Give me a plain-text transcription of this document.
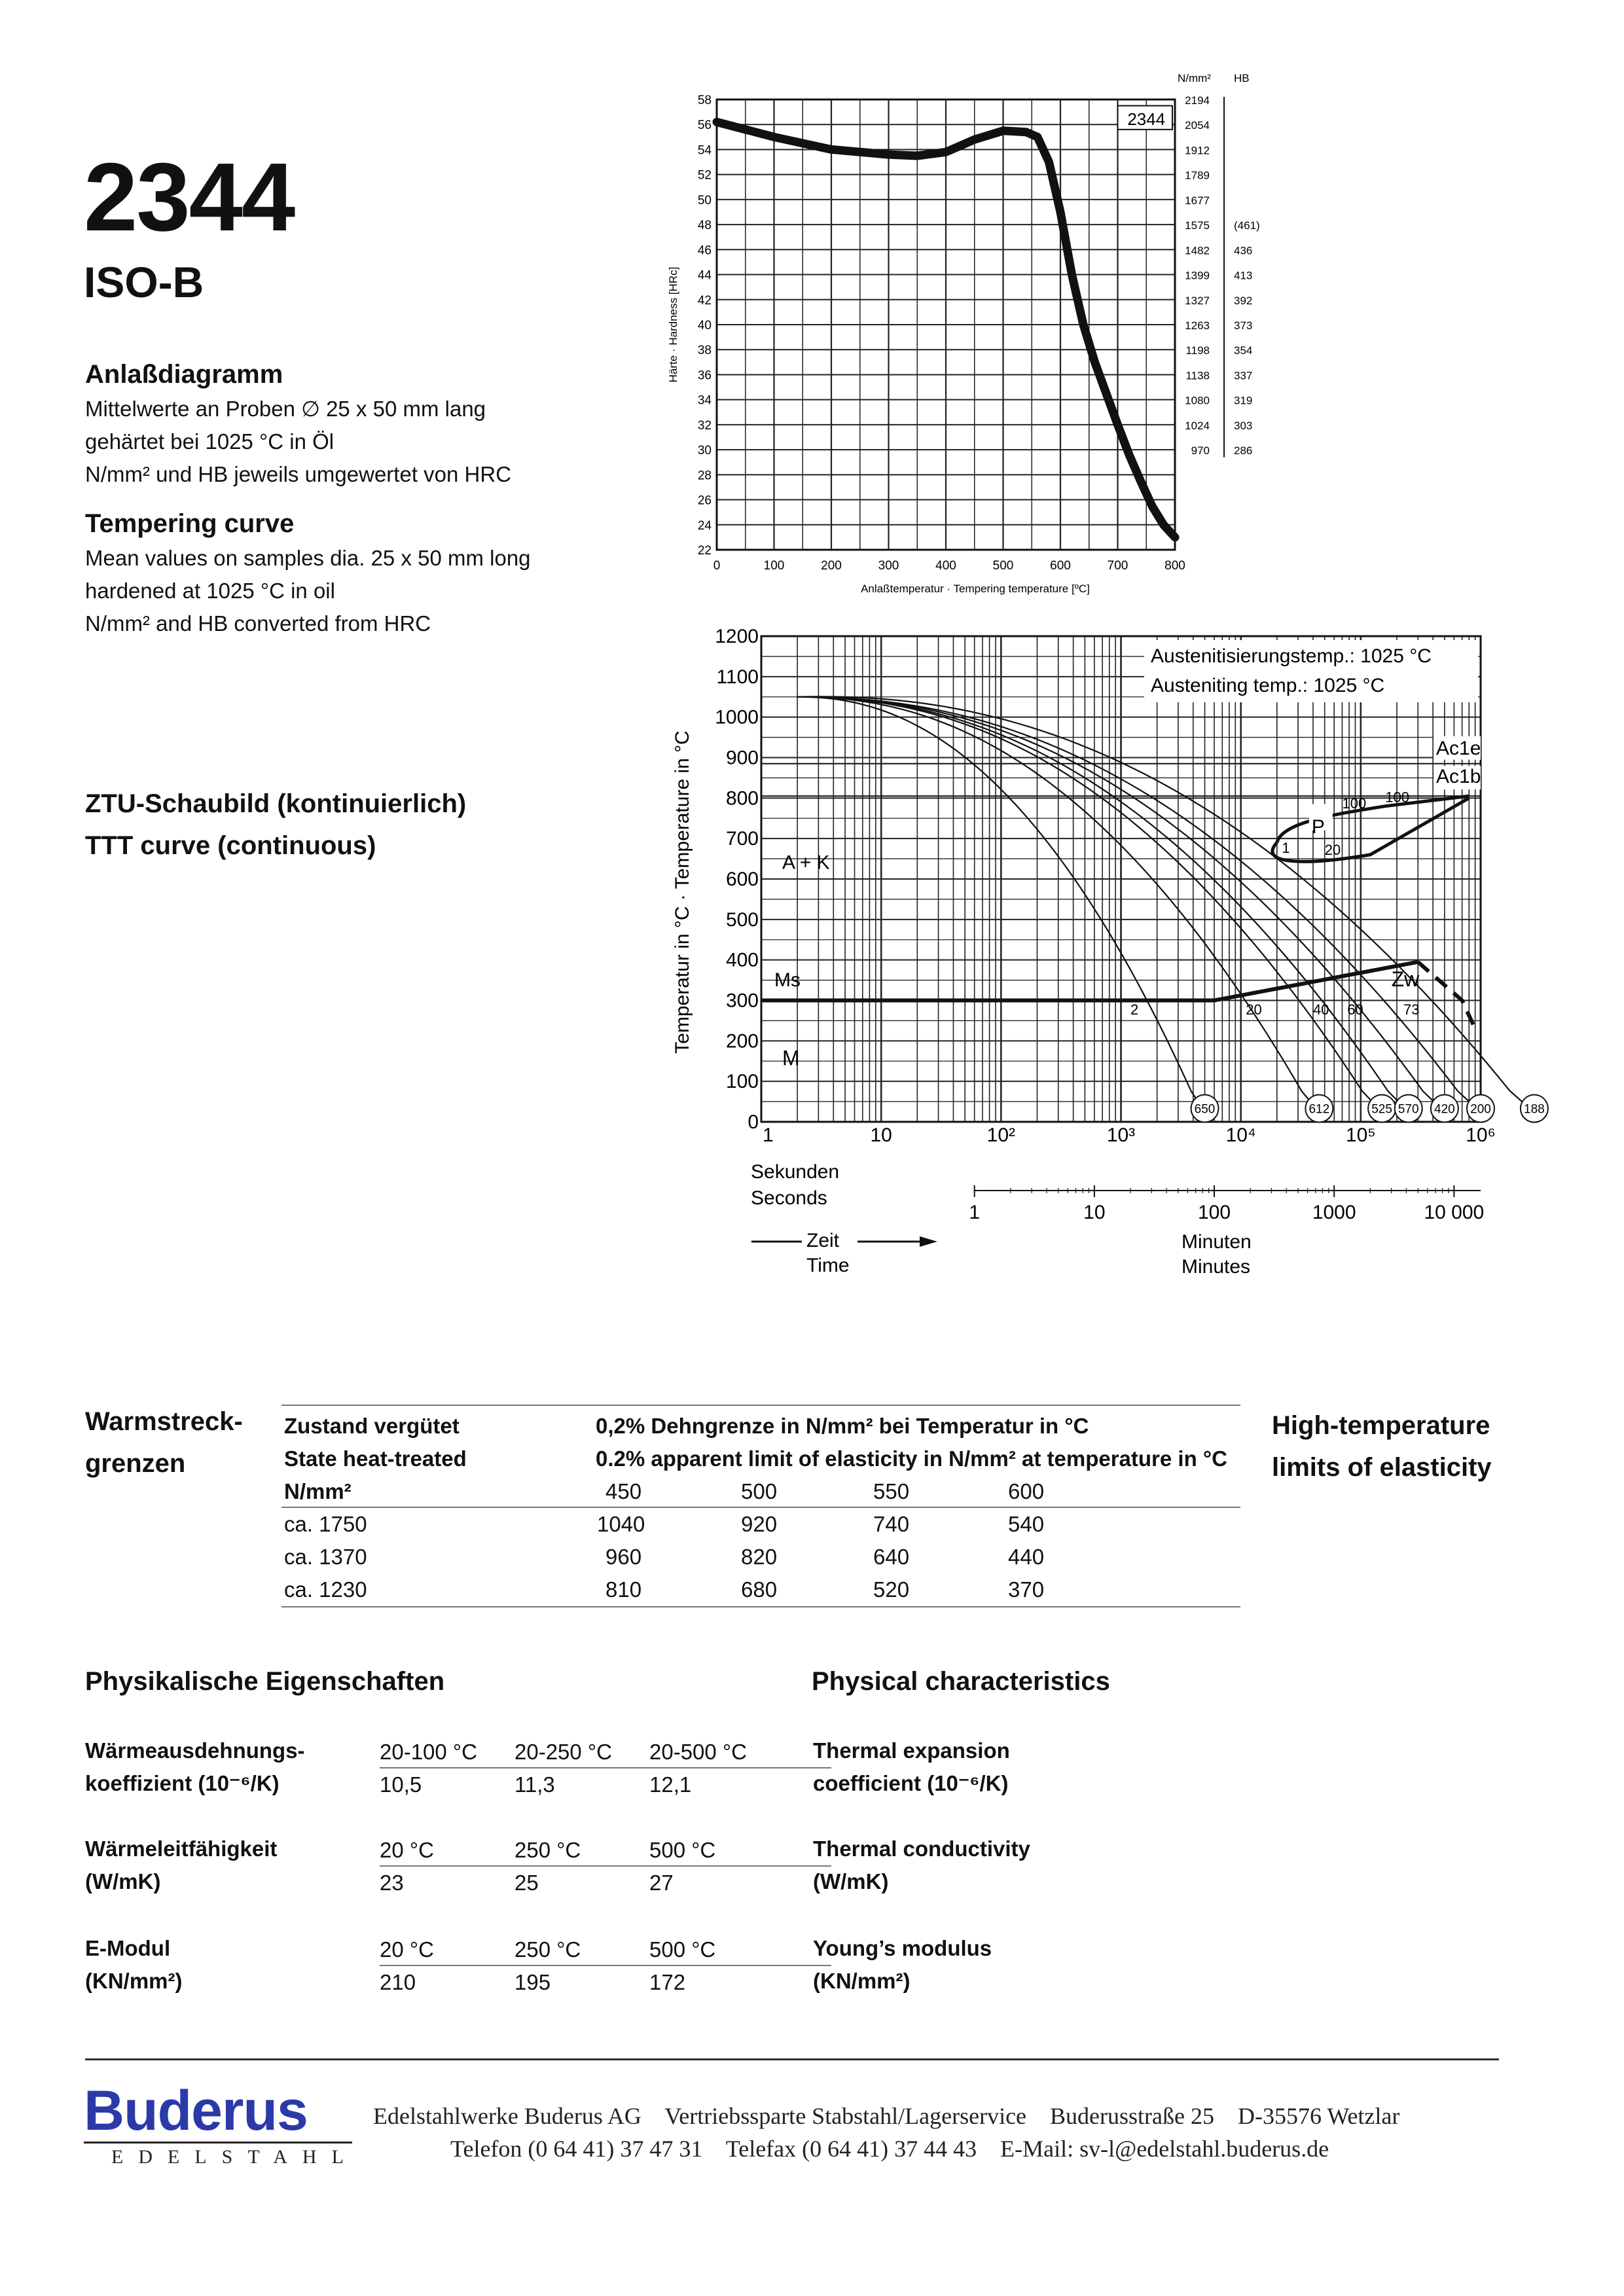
2344
ISO-B
Anlaßdiagramm
Mittelwerte an Proben ∅ 25 x 50 mm lang
gehärtet bei 1025 °C in Öl
N/mm² und HB jeweils umgewertet von HRC
Tempering curve
Mean values on samples dia. 25 x 50 mm long
hardened at 1025 °C in oil
N/mm² and HB converted from HRC
ZTU-Schaubild (kontinuierlich)
TTT curve (continuous)
22
24
26
28
30
32
34
36
38
40
42
44
46
48
50
52
54
56
58
0	100	200	300	400	500	600	700	800
Härte · Hardness [HRc]
Anlaßtemperatur · Tempering temperature [ºC]
N/mm² HB
2194
2054
1912
1789
1677
1575 (461)
1482 436
1399 413
1327 392
1263 373
1198 354
1138 337
1080 319
1024 303
970 286
2344
0
100
200
300
400
500
600
700
800
900
1000
1100
1200
1	10	10²	10³	10⁴	10⁵	10⁶
Temperatur in °C · Temperature in °C
Sekunden
Seconds
1	10	100	1000	10 000
Minuten
Minutes
Zeit
Time
Austenitisierungstemp.: 1025 °C
Austeniting temp.: 1025 °C
Ac1e
Ac1b
650	612	525 570 420 200	188
A + K
Ms
M
P
Zw
1 20
100 100
2	20	40 60	73
Warmstreck-
grenzen
High-temperature
limits of elasticity
Zustand vergütet	0,2% Dehngrenze in N/mm² bei Temperatur in °C
State heat-treated	0.2% apparent limit of elasticity in N/mm² at temperature in °C
N/mm²	450	500	550	600
ca. 1750	1040	920	740	540
ca. 1370	960	820	640	440
ca. 1230	810	680	520	370
Physikalische Eigenschaften	Physical characteristics
Wärmeausdehnungs-
koeffizient (10⁻⁶/K)
20-100 °C 20-250 °C 20-500 °C
10,5	11,3	12,1
Thermal expansion
coefficient (10⁻⁶/K)
Wärmeleitfähigkeit
(W/mK)
20 °C	250 °C	500 °C
23	25	27
Thermal conductivity
(W/mK)
E-Modul
(KN/mm²)
20 °C	250 °C	500 °C
210	195	172
Young’s modulus
(KN/mm²)
Buderus
EDELSTAHL
Edelstahlwerke Buderus AG    Vertriebssparte Stabstahl/Lagerservice    Buderusstraße 25    D-35576 Wetzlar
Telefon (0 64 41) 37 47 31    Telefax (0 64 41) 37 44 43    E-Mail: sv-l@edelstahl.buderus.de
